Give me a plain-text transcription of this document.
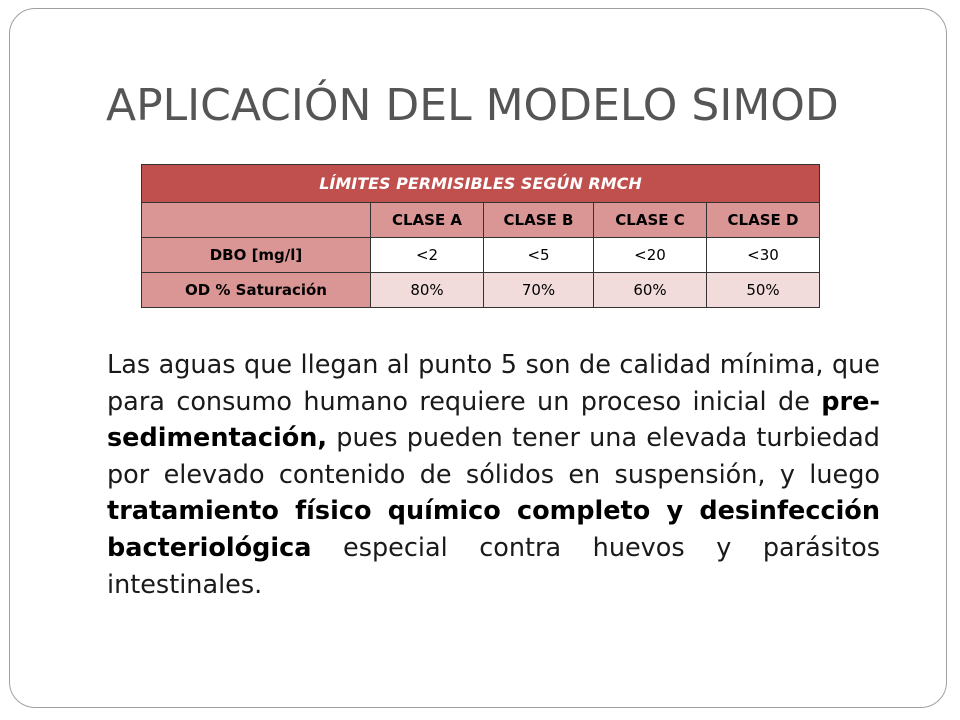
APLICACIÓN DEL MODELO SIMOD
LÍMITES PERMISIBLES SEGÚN RMCH				
	CLASE A	CLASE B	CLASE C	CLASE D
DBO [mg/l]	<2	<5	<20	<30
OD % Saturación	80%	70%	60%	50%
Las aguas que llegan al punto 5 son de calidad mínima, que para consumo humano requiere un proceso inicial de pre-sedimentación, pues pueden tener una elevada turbiedad por elevado contenido de sólidos en suspensión, y luego tratamiento físico químico completo y desinfección bacteriológica especial contra huevos y parásitos intestinales.
